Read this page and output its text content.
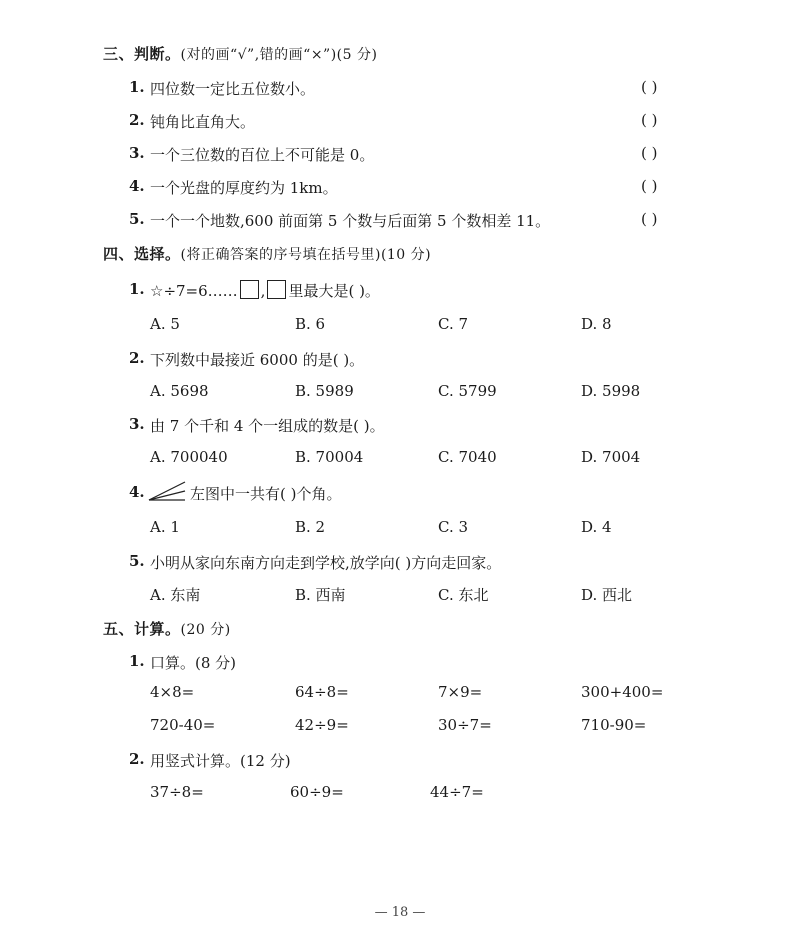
三、判断。(对的画“√”,错的画“×”)(5 分)
1. 四位数一定比五位数小。	( )
2. 钝角比直角大。	( )
3. 一个三位数的百位上不可能是 0。	( )
4. 一个光盘的厚度约为 1km。	( )
5. 一个一个地数,600 前面第 5 个数与后面第 5 个数相差 11。	( )
四、选择。(将正确答案的序号填在括号里)(10 分)
1. ☆÷7=6…… , 里最大是( )。
A. 5	B. 6	C. 7	D. 8
2. 下列数中最接近 6000 的是( )。
A. 5698	B. 5989	C. 5799	D. 5998
3. 由 7 个千和 4 个一组成的数是( )。
A. 700040	B. 70004	C. 7040	D. 7004
4.	左图中一共有( )个角。
A. 1	B. 2	C. 3	D. 4
5. 小明从家向东南方向走到学校,放学向( )方向走回家。
A. 东南	B. 西南	C. 东北	D. 西北
五、计算。(20 分)
1. 口算。(8 分)
4×8=	64÷8=	7×9=	300+400=
720-40=	42÷9=	30÷7=	710-90=
2. 用竖式计算。(12 分)
37÷8=	60÷9=	44÷7=
— 18 —
